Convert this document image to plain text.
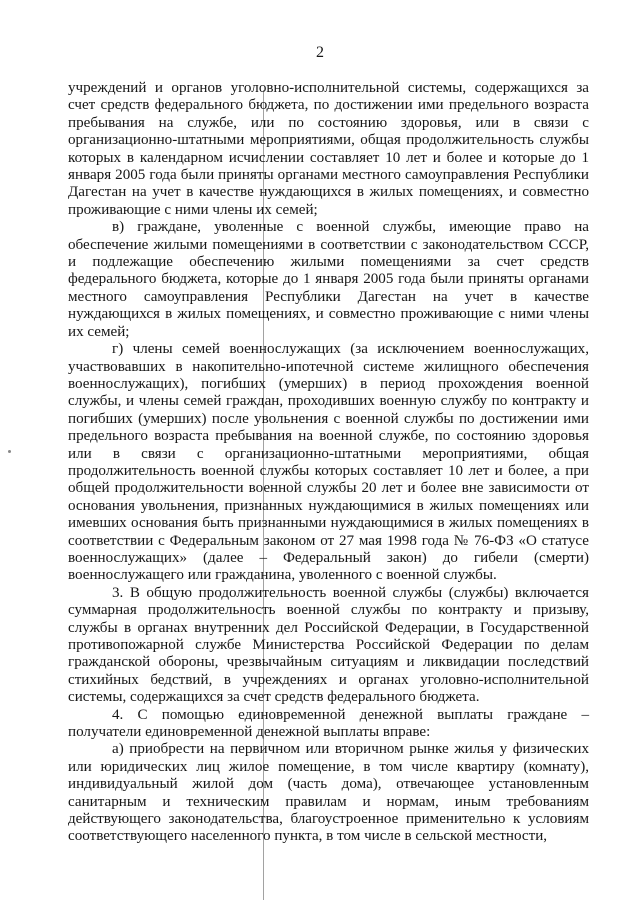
2

учреждений и органов уголовно-исполнительной системы, содержащихся за счет средств федерального бюджета, по достижении ими предельного возраста пребывания на службе, или по состоянию здоровья, или в связи с организационно-штатными мероприятиями, общая продолжительность службы которых в календарном исчислении составляет 10 лет и более и которые до 1 января 2005 года были приняты органами местного самоуправления Республики Дагестан на учет в качестве нуждающихся в жилых помещениях, и совместно проживающие с ними члены их семей;

в) граждане, уволенные с военной службы, имеющие право на обеспечение жилыми помещениями в соответствии с законодательством СССР, и подлежащие обеспечению жилыми помещениями за счет средств федерального бюджета, которые до 1 января 2005 года были приняты органами местного самоуправления Республики Дагестан на учет в качестве нуждающихся в жилых помещениях, и совместно проживающие с ними члены их семей;

г) члены семей военнослужащих (за исключением военнослужащих, участвовавших в накопительно-ипотечной системе жилищного обеспечения военнослужащих), погибших (умерших) в период прохождения военной службы, и члены семей граждан, проходивших военную службу по контракту и погибших (умерших) после увольнения с военной службы по достижении ими предельного возраста пребывания на военной службе, по состоянию здоровья или в связи с организационно-штатными мероприятиями, общая продолжительность военной службы которых составляет 10 лет и более, а при общей продолжительности военной службы 20 лет и более вне зависимости от основания увольнения, признанных нуждающимися в жилых помещениях или имевших основания быть признанными нуждающимися в жилых помещениях в соответствии с Федеральным законом от 27 мая 1998 года № 76-ФЗ «О статусе военнослужащих» (далее – Федеральный закон) до гибели (смерти) военнослужащего или гражданина, уволенного с военной службы.

3. В общую продолжительность военной службы (службы) включается суммарная продолжительность военной службы по контракту и призыву, службы в органах внутренних дел Российской Федерации, в Государственной противопожарной службе Министерства Российской Федерации по делам гражданской обороны, чрезвычайным ситуациям и ликвидации последствий стихийных бедствий, в учреждениях и органах уголовно-исполнительной системы, содержащихся за счет средств федерального бюджета.

4. С помощью единовременной денежной выплаты граждане – получатели единовременной денежной выплаты вправе:

а) приобрести на первичном или вторичном рынке жилья у физических или юридических лиц жилое помещение, в том числе квартиру (комнату), индивидуальный жилой дом (часть дома), отвечающее установленным санитарным и техническим правилам и нормам, иным требованиям действующего законодательства, благоустроенное применительно к условиям соответствующего населенного пункта, в том числе в сельской местности,
